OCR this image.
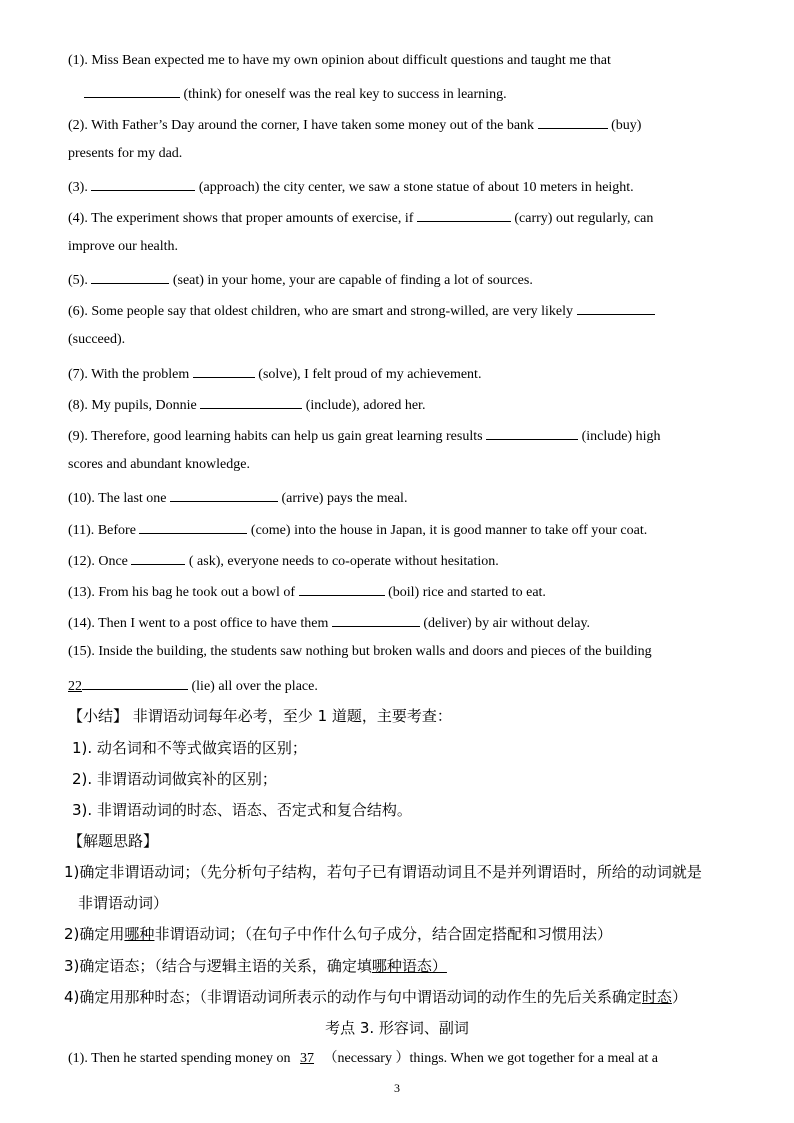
(1). Miss Bean expected me to have my own opinion about difficult questions and taught me that
(think) for oneself was the real key to success in learning.
(2). With Father’s Day around the corner, I have taken some money out of the bank	(buy)
presents for my dad.
(3).	(approach) the city center, we saw a stone statue of about 10 meters in height.
(4). The experiment shows that proper amounts of exercise, if	(carry) out regularly, can
improve our health.
(5).	(seat) in your home, your are capable of finding a lot of sources.
(6). Some people say that oldest children, who are smart and strong-willed, are very likely
(succeed).
(7). With the problem	(solve), I felt proud of my achievement.
(8). My pupils, Donnie	(include), adored her.
(9). Therefore, good learning habits can help us gain great learning results	(include) high
scores and abundant knowledge.
(10). The last one	(arrive) pays the meal.
(11). Before	(come) into the house in Japan, it is good manner to take off your coat.
(12). Once	( ask), everyone needs to co-operate without hesitation.
(13). From his bag he took out a bowl of	(boil) rice and started to eat.
(14). Then I went to a post office to have them	(deliver) by air without delay.
(15). Inside the building, the students saw nothing but broken walls and doors and pieces of the building
22	(lie) all over the place.
【小结】 非谓语动词每年必考，至少 1 道题，主要考查：
1). 动名词和不等式做宾语的区别；
2). 非谓语动词做宾补的区别；
3). 非谓语动词的时态、语态、否定式和复合结构。
【解题思路】
1)确定非谓语动词；（先分析句子结构，若句子已有谓语动词且不是并列谓语时，所给的动词就是
非谓语动词）
2)确定用哪种非谓语动词；（在句子中作什么句子成分，结合固定搭配和习惯用法）
3)确定语态；（结合与逻辑主语的关系，确定填哪种语态）
4)确定用那种时态；（非谓语动词所表示的动作与句中谓语动词的动作生的先后关系确定时态）
考点 3. 形容词、副词
(1). Then he started spending money on 37 （necessary ）things. When we got together for a meal at a
3
